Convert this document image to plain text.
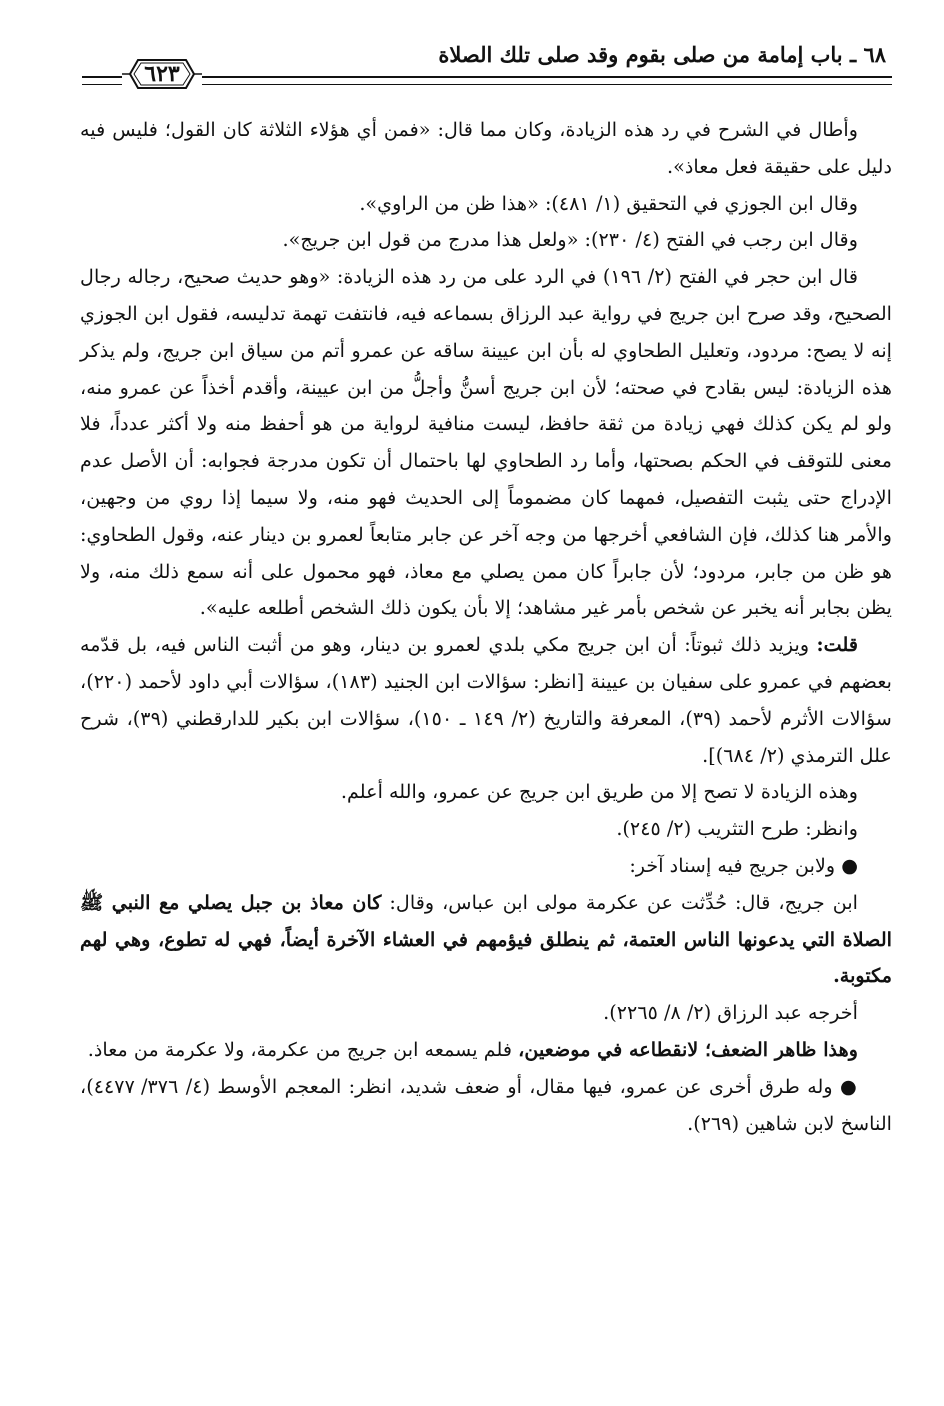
٦٨ ـ باب إمامة من صلى بقوم وقد صلى تلك الصلاة
٦٢٣

وأطال في الشرح في رد هذه الزيادة، وكان مما قال: «فمن أي هؤلاء الثلاثة كان القول؛ فليس فيه دليل على حقيقة فعل معاذ».

وقال ابن الجوزي في التحقيق (١/ ٤٨١): «هذا ظن من الراوي».

وقال ابن رجب في الفتح (٤/ ٢٣٠): «ولعل هذا مدرج من قول ابن جريج».

قال ابن حجر في الفتح (٢/ ١٩٦) في الرد على من رد هذه الزيادة: «وهو حديث صحيح، رجاله رجال الصحيح، وقد صرح ابن جريج في رواية عبد الرزاق بسماعه فيه، فانتفت تهمة تدليسه، فقول ابن الجوزي إنه لا يصح: مردود، وتعليل الطحاوي له بأن ابن عيينة ساقه عن عمرو أتم من سياق ابن جريج، ولم يذكر هذه الزيادة: ليس بقادح في صحته؛ لأن ابن جريج أسنُّ وأجلُّ من ابن عيينة، وأقدم أخذاً عن عمرو منه، ولو لم يكن كذلك فهي زيادة من ثقة حافظ، ليست منافية لرواية من هو أحفظ منه ولا أكثر عدداً، فلا معنى للتوقف في الحكم بصحتها، وأما رد الطحاوي لها باحتمال أن تكون مدرجة فجوابه: أن الأصل عدم الإدراج حتى يثبت التفصيل، فمهما كان مضموماً إلى الحديث فهو منه، ولا سيما إذا روي من وجهين، والأمر هنا كذلك، فإن الشافعي أخرجها من وجه آخر عن جابر متابعاً لعمرو بن دينار عنه، وقول الطحاوي: هو ظن من جابر، مردود؛ لأن جابراً كان ممن يصلي مع معاذ، فهو محمول على أنه سمع ذلك منه، ولا يظن بجابر أنه يخبر عن شخص بأمر غير مشاهد؛ إلا بأن يكون ذلك الشخص أطلعه عليه».

قلت: ويزيد ذلك ثبوتاً: أن ابن جريج مكي بلدي لعمرو بن دينار، وهو من أثبت الناس فيه، بل قدّمه بعضهم في عمرو على سفيان بن عيينة [انظر: سؤالات ابن الجنيد (١٨٣)، سؤالات أبي داود لأحمد (٢٢٠)، سؤالات الأثرم لأحمد (٣٩)، المعرفة والتاريخ (٢/ ١٤٩ ـ ١٥٠)، سؤالات ابن بكير للدارقطني (٣٩)، شرح علل الترمذي (٢/ ٦٨٤)].

وهذه الزيادة لا تصح إلا من طريق ابن جريج عن عمرو، والله أعلم.

وانظر: طرح التثريب (٢/ ٢٤٥).

● ولابن جريج فيه إسناد آخر:

ابن جريج، قال: حُدِّثت عن عكرمة مولى ابن عباس، وقال: كان معاذ بن جبل يصلي مع النبي ﷺ الصلاة التي يدعونها الناس العتمة، ثم ينطلق فيؤمهم في العشاء الآخرة أيضاً، فهي له تطوع، وهي لهم مكتوبة.

أخرجه عبد الرزاق (٢/ ٨/ ٢٢٦٥).

وهذا ظاهر الضعف؛ لانقطاعه في موضعين، فلم يسمعه ابن جريج من عكرمة، ولا عكرمة من معاذ.

● وله طرق أخرى عن عمرو، فيها مقال، أو ضعف شديد، انظر: المعجم الأوسط (٤/ ٣٧٦/ ٤٤٧٧)، الناسخ لابن شاهين (٢٦٩).
